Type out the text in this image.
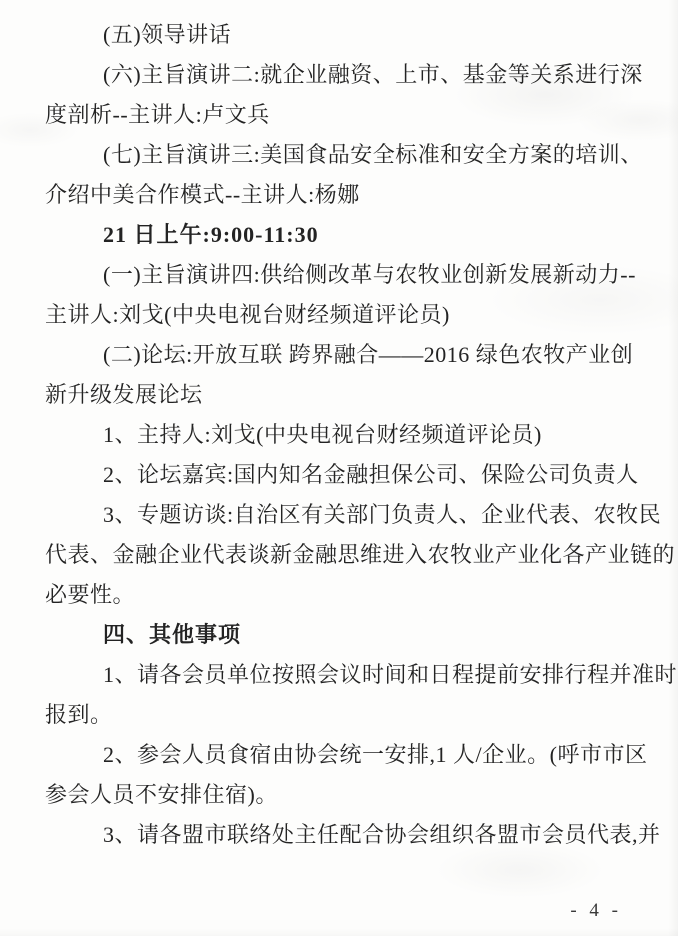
(五)领导讲话
(六)主旨演讲二:就企业融资、上市、基金等关系进行深
度剖析--主讲人:卢文兵
(七)主旨演讲三:美国食品安全标准和安全方案的培训、
介绍中美合作模式--主讲人:杨娜
21 日上午:9:00-11:30
(一)主旨演讲四:供给侧改革与农牧业创新发展新动力--
主讲人:刘戈(中央电视台财经频道评论员)
(二)论坛:开放互联 跨界融合——2016 绿色农牧产业创
新升级发展论坛
1、主持人:刘戈(中央电视台财经频道评论员)
2、论坛嘉宾:国内知名金融担保公司、保险公司负责人
3、专题访谈:自治区有关部门负责人、企业代表、农牧民
代表、金融企业代表谈新金融思维进入农牧业产业化各产业链的
必要性。
四、其他事项
1、请各会员单位按照会议时间和日程提前安排行程并准时
报到。
2、参会人员食宿由协会统一安排,1 人/企业。(呼市市区
参会人员不安排住宿)。
3、请各盟市联络处主任配合协会组织各盟市会员代表,并
- 4 -
